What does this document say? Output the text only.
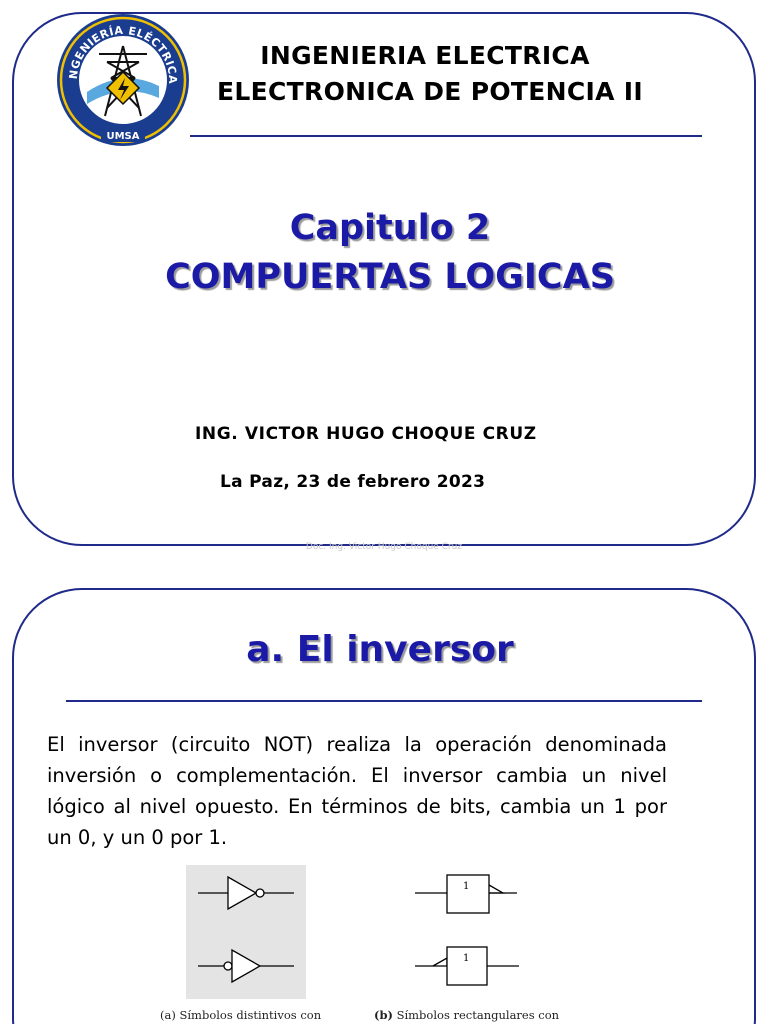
NGENIERÍA ELÉCTRICA
UMSA
INGENIERIA ELECTRICA
ELECTRONICA DE POTENCIA II
Capitulo 2
COMPUERTAS LOGICAS
ING. VICTOR HUGO CHOQUE CRUZ
La Paz, 23 de febrero 2023
Doc. Ing. Victor Hugo Choque Cruz
a. El inversor
El inversor (circuito NOT) realiza la operación denominada inversión o complementación. El inversor cambia un nivel lógico al nivel opuesto. En términos de bits, cambia un 1 por un 0, y un 0 por 1.
1
1
(a) Símbolos distintivos con	(b) Símbolos rectangulares con
